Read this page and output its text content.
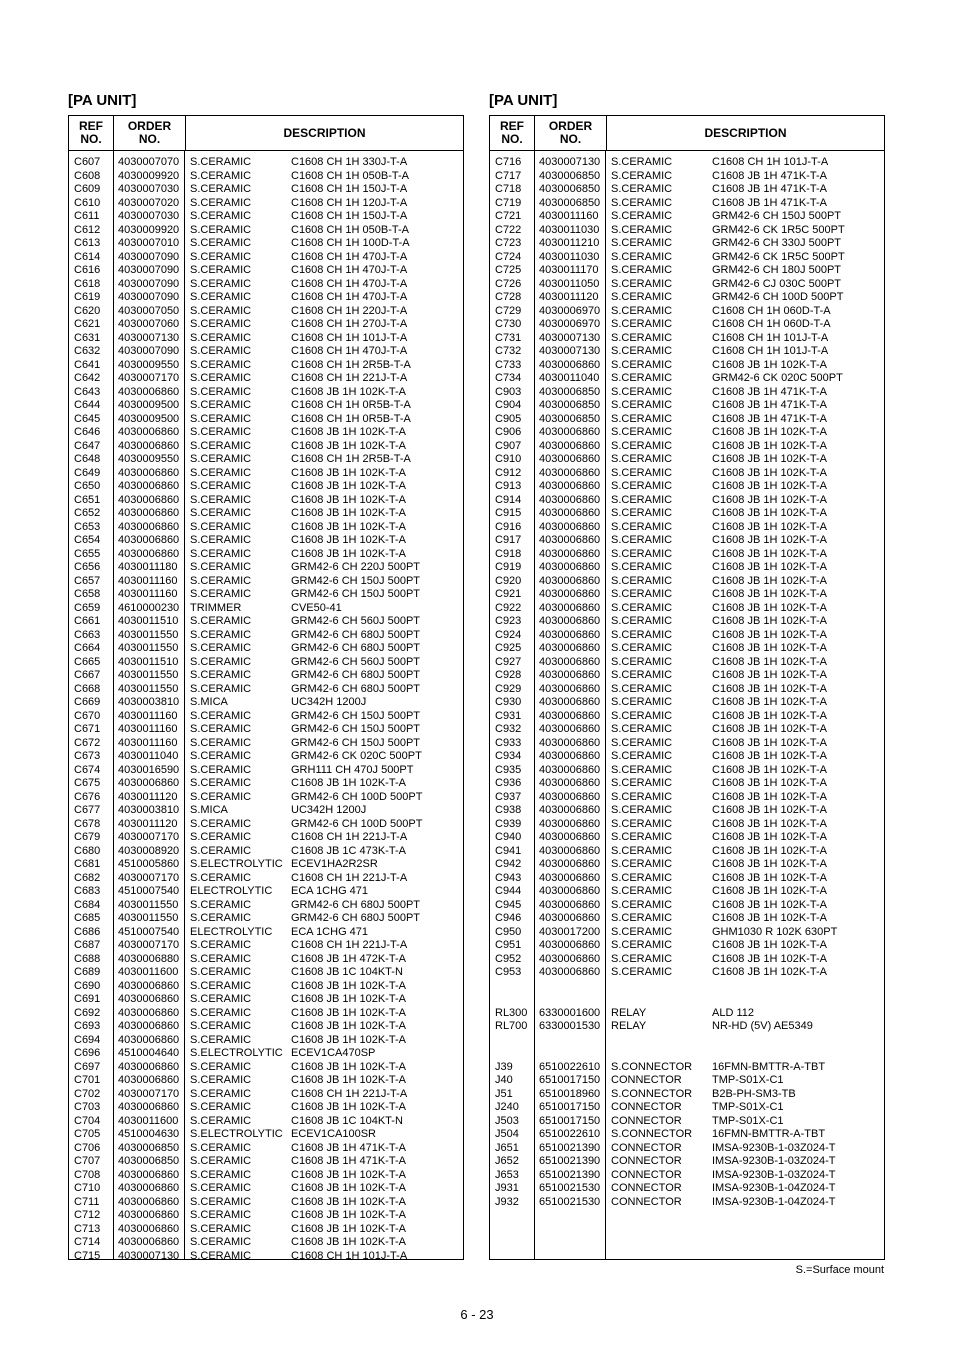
[PA UNIT]	[PA UNIT]
REF
NO.
ORDER
NO.	DESCRIPTION
C607 4030007070 S.CERAMIC	C1608 CH 1H 330J-T-A
C608 4030009920 S.CERAMIC	C1608 CH 1H 050B-T-A
C609 4030007030 S.CERAMIC	C1608 CH 1H 150J-T-A
C610 4030007020 S.CERAMIC	C1608 CH 1H 120J-T-A
C611 4030007030 S.CERAMIC	C1608 CH 1H 150J-T-A
C612 4030009920 S.CERAMIC	C1608 CH 1H 050B-T-A
C613 4030007010 S.CERAMIC	C1608 CH 1H 100D-T-A
C614 4030007090 S.CERAMIC	C1608 CH 1H 470J-T-A
C616 4030007090 S.CERAMIC	C1608 CH 1H 470J-T-A
C618 4030007090 S.CERAMIC	C1608 CH 1H 470J-T-A
C619 4030007090 S.CERAMIC	C1608 CH 1H 470J-T-A
C620 4030007050 S.CERAMIC	C1608 CH 1H 220J-T-A
C621 4030007060 S.CERAMIC	C1608 CH 1H 270J-T-A
C631 4030007130 S.CERAMIC	C1608 CH 1H 101J-T-A
C632 4030007090 S.CERAMIC	C1608 CH 1H 470J-T-A
C641 4030009550 S.CERAMIC	C1608 CH 1H 2R5B-T-A
C642 4030007170 S.CERAMIC	C1608 CH 1H 221J-T-A
C643 4030006860 S.CERAMIC	C1608 JB 1H 102K-T-A
C644 4030009500 S.CERAMIC	C1608 CH 1H 0R5B-T-A
C645 4030009500 S.CERAMIC	C1608 CH 1H 0R5B-T-A
C646 4030006860 S.CERAMIC	C1608 JB 1H 102K-T-A
C647 4030006860 S.CERAMIC	C1608 JB 1H 102K-T-A
C648 4030009550 S.CERAMIC	C1608 CH 1H 2R5B-T-A
C649 4030006860 S.CERAMIC	C1608 JB 1H 102K-T-A
C650 4030006860 S.CERAMIC	C1608 JB 1H 102K-T-A
C651 4030006860 S.CERAMIC	C1608 JB 1H 102K-T-A
C652 4030006860 S.CERAMIC	C1608 JB 1H 102K-T-A
C653 4030006860 S.CERAMIC	C1608 JB 1H 102K-T-A
C654 4030006860 S.CERAMIC	C1608 JB 1H 102K-T-A
C655 4030006860 S.CERAMIC	C1608 JB 1H 102K-T-A
C656 4030011180 S.CERAMIC	GRM42-6 CH 220J 500PT
C657 4030011160 S.CERAMIC	GRM42-6 CH 150J 500PT
C658 4030011160 S.CERAMIC	GRM42-6 CH 150J 500PT
C659 4610000230 TRIMMER	CVE50-41
C661 4030011510 S.CERAMIC	GRM42-6 CH 560J 500PT
C663 4030011550 S.CERAMIC	GRM42-6 CH 680J 500PT
C664 4030011550 S.CERAMIC	GRM42-6 CH 680J 500PT
C665 4030011510 S.CERAMIC	GRM42-6 CH 560J 500PT
C667 4030011550 S.CERAMIC	GRM42-6 CH 680J 500PT
C668 4030011550 S.CERAMIC	GRM42-6 CH 680J 500PT
C669 4030003810 S.MICA	UC342H 1200J
C670 4030011160 S.CERAMIC	GRM42-6 CH 150J 500PT
C671 4030011160 S.CERAMIC	GRM42-6 CH 150J 500PT
C672 4030011160 S.CERAMIC	GRM42-6 CH 150J 500PT
C673 4030011040 S.CERAMIC	GRM42-6 CK 020C 500PT
C674 4030016590 S.CERAMIC	GRH111 CH 470J 500PT
C675 4030006860 S.CERAMIC	C1608 JB 1H 102K-T-A
C676 4030011120 S.CERAMIC	GRM42-6 CH 100D 500PT
C677 4030003810 S.MICA	UC342H 1200J
C678 4030011120 S.CERAMIC	GRM42-6 CH 100D 500PT
C679 4030007170 S.CERAMIC	C1608 CH 1H 221J-T-A
C680 4030008920 S.CERAMIC	C1608 JB 1C 473K-T-A
C681 4510005860 S.ELECTROLYTIC ECEV1HA2R2SR
C682 4030007170 S.CERAMIC	C1608 CH 1H 221J-T-A
C683 4510007540 ELECTROLYTIC ECA 1CHG 471
C684 4030011550 S.CERAMIC	GRM42-6 CH 680J 500PT
C685 4030011550 S.CERAMIC	GRM42-6 CH 680J 500PT
C686 4510007540 ELECTROLYTIC ECA 1CHG 471
C687 4030007170 S.CERAMIC	C1608 CH 1H 221J-T-A
C688 4030006880 S.CERAMIC	C1608 JB 1H 472K-T-A
C689 4030011600 S.CERAMIC	C1608 JB 1C 104KT-N
C690 4030006860 S.CERAMIC	C1608 JB 1H 102K-T-A
C691 4030006860 S.CERAMIC	C1608 JB 1H 102K-T-A
C692 4030006860 S.CERAMIC	C1608 JB 1H 102K-T-A
C693 4030006860 S.CERAMIC	C1608 JB 1H 102K-T-A
C694 4030006860 S.CERAMIC	C1608 JB 1H 102K-T-A
C696 4510004640 S.ELECTROLYTIC ECEV1CA470SP
C697 4030006860 S.CERAMIC	C1608 JB 1H 102K-T-A
C701 4030006860 S.CERAMIC	C1608 JB 1H 102K-T-A
C702 4030007170 S.CERAMIC	C1608 CH 1H 221J-T-A
C703 4030006860 S.CERAMIC	C1608 JB 1H 102K-T-A
C704 4030011600 S.CERAMIC	C1608 JB 1C 104KT-N
C705 4510004630 S.ELECTROLYTIC ECEV1CA100SR
C706 4030006850 S.CERAMIC	C1608 JB 1H 471K-T-A
C707 4030006850 S.CERAMIC	C1608 JB 1H 471K-T-A
C708 4030006860 S.CERAMIC	C1608 JB 1H 102K-T-A
C710 4030006860 S.CERAMIC	C1608 JB 1H 102K-T-A
C711 4030006860 S.CERAMIC	C1608 JB 1H 102K-T-A
C712 4030006860 S.CERAMIC	C1608 JB 1H 102K-T-A
C713 4030006860 S.CERAMIC	C1608 JB 1H 102K-T-A
C714 4030006860 S.CERAMIC	C1608 JB 1H 102K-T-A
C715 4030007130 S.CERAMIC	C1608 CH 1H 101J-T-A
REF
NO.
ORDER
NO.	DESCRIPTION
C716 4030007130 S.CERAMIC	C1608 CH 1H 101J-T-A
C717 4030006850 S.CERAMIC	C1608 JB 1H 471K-T-A
C718 4030006850 S.CERAMIC	C1608 JB 1H 471K-T-A
C719 4030006850 S.CERAMIC	C1608 JB 1H 471K-T-A
C721 4030011160 S.CERAMIC	GRM42-6 CH 150J 500PT
C722 4030011030 S.CERAMIC	GRM42-6 CK 1R5C 500PT
C723 4030011210 S.CERAMIC	GRM42-6 CH 330J 500PT
C724 4030011030 S.CERAMIC	GRM42-6 CK 1R5C 500PT
C725 4030011170 S.CERAMIC	GRM42-6 CH 180J 500PT
C726 4030011050 S.CERAMIC	GRM42-6 CJ 030C 500PT
C728 4030011120 S.CERAMIC	GRM42-6 CH 100D 500PT
C729 4030006970 S.CERAMIC	C1608 CH 1H 060D-T-A
C730 4030006970 S.CERAMIC	C1608 CH 1H 060D-T-A
C731 4030007130 S.CERAMIC	C1608 CH 1H 101J-T-A
C732 4030007130 S.CERAMIC	C1608 CH 1H 101J-T-A
C733 4030006860 S.CERAMIC	C1608 JB 1H 102K-T-A
C734 4030011040 S.CERAMIC	GRM42-6 CK 020C 500PT
C903 4030006850 S.CERAMIC	C1608 JB 1H 471K-T-A
C904 4030006850 S.CERAMIC	C1608 JB 1H 471K-T-A
C905 4030006850 S.CERAMIC	C1608 JB 1H 471K-T-A
C906 4030006860 S.CERAMIC	C1608 JB 1H 102K-T-A
C907 4030006860 S.CERAMIC	C1608 JB 1H 102K-T-A
C910 4030006860 S.CERAMIC	C1608 JB 1H 102K-T-A
C912 4030006860 S.CERAMIC	C1608 JB 1H 102K-T-A
C913 4030006860 S.CERAMIC	C1608 JB 1H 102K-T-A
C914 4030006860 S.CERAMIC	C1608 JB 1H 102K-T-A
C915 4030006860 S.CERAMIC	C1608 JB 1H 102K-T-A
C916 4030006860 S.CERAMIC	C1608 JB 1H 102K-T-A
C917 4030006860 S.CERAMIC	C1608 JB 1H 102K-T-A
C918 4030006860 S.CERAMIC	C1608 JB 1H 102K-T-A
C919 4030006860 S.CERAMIC	C1608 JB 1H 102K-T-A
C920 4030006860 S.CERAMIC	C1608 JB 1H 102K-T-A
C921 4030006860 S.CERAMIC	C1608 JB 1H 102K-T-A
C922 4030006860 S.CERAMIC	C1608 JB 1H 102K-T-A
C923 4030006860 S.CERAMIC	C1608 JB 1H 102K-T-A
C924 4030006860 S.CERAMIC	C1608 JB 1H 102K-T-A
C925 4030006860 S.CERAMIC	C1608 JB 1H 102K-T-A
C927 4030006860 S.CERAMIC	C1608 JB 1H 102K-T-A
C928 4030006860 S.CERAMIC	C1608 JB 1H 102K-T-A
C929 4030006860 S.CERAMIC	C1608 JB 1H 102K-T-A
C930 4030006860 S.CERAMIC	C1608 JB 1H 102K-T-A
C931 4030006860 S.CERAMIC	C1608 JB 1H 102K-T-A
C932 4030006860 S.CERAMIC	C1608 JB 1H 102K-T-A
C933 4030006860 S.CERAMIC	C1608 JB 1H 102K-T-A
C934 4030006860 S.CERAMIC	C1608 JB 1H 102K-T-A
C935 4030006860 S.CERAMIC	C1608 JB 1H 102K-T-A
C936 4030006860 S.CERAMIC	C1608 JB 1H 102K-T-A
C937 4030006860 S.CERAMIC	C1608 JB 1H 102K-T-A
C938 4030006860 S.CERAMIC	C1608 JB 1H 102K-T-A
C939 4030006860 S.CERAMIC	C1608 JB 1H 102K-T-A
C940 4030006860 S.CERAMIC	C1608 JB 1H 102K-T-A
C941 4030006860 S.CERAMIC	C1608 JB 1H 102K-T-A
C942 4030006860 S.CERAMIC	C1608 JB 1H 102K-T-A
C943 4030006860 S.CERAMIC	C1608 JB 1H 102K-T-A
C944 4030006860 S.CERAMIC	C1608 JB 1H 102K-T-A
C945 4030006860 S.CERAMIC	C1608 JB 1H 102K-T-A
C946 4030006860 S.CERAMIC	C1608 JB 1H 102K-T-A
C950 4030017200 S.CERAMIC	GHM1030 R 102K 630PT
C951 4030006860 S.CERAMIC	C1608 JB 1H 102K-T-A
C952 4030006860 S.CERAMIC	C1608 JB 1H 102K-T-A
C953 4030006860 S.CERAMIC	C1608 JB 1H 102K-T-A
RL300 6330001600 RELAY	ALD 112
RL700 6330001530 RELAY	NR-HD (5V) AE5349
J39 6510022610 S.CONNECTOR 16FMN-BMTTR-A-TBT
J40 6510017150 CONNECTOR	TMP-S01X-C1
J51 6510018960 S.CONNECTOR B2B-PH-SM3-TB
J240 6510017150 CONNECTOR	TMP-S01X-C1
J503 6510017150 CONNECTOR	TMP-S01X-C1
J504 6510022610 S.CONNECTOR 16FMN-BMTTR-A-TBT
J651 6510021390 CONNECTOR	IMSA-9230B-1-03Z024-T
J652 6510021390 CONNECTOR	IMSA-9230B-1-03Z024-T
J653 6510021390 CONNECTOR	IMSA-9230B-1-03Z024-T
J931 6510021530 CONNECTOR	IMSA-9230B-1-04Z024-T
J932 6510021530 CONNECTOR	IMSA-9230B-1-04Z024-T
S.=Surface mount
6 - 23
